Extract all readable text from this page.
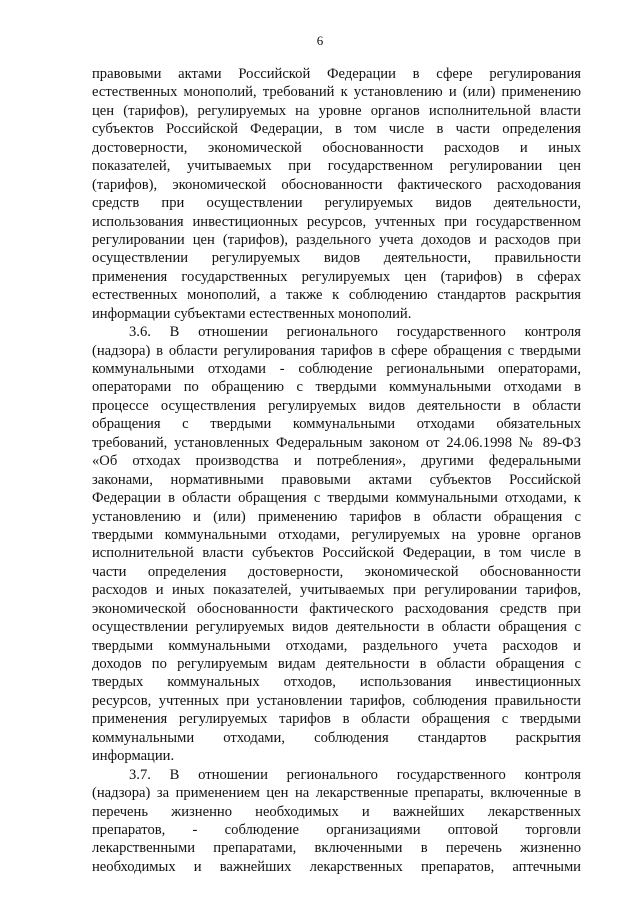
6
правовыми актами Российской Федерации в сфере регулирования
естественных монополий, требований к установлению и (или) применению
цен (тарифов), регулируемых на уровне органов исполнительной власти
субъектов Российской Федерации, в том числе в части определения
достоверности, экономической обоснованности расходов и иных
показателей, учитываемых при государственном регулировании цен
(тарифов), экономической обоснованности фактического расходования
средств при осуществлении регулируемых видов деятельности,
использования инвестиционных ресурсов, учтенных при государственном
регулировании цен (тарифов), раздельного учета доходов и расходов при
осуществлении регулируемых видов деятельности, правильности
применения государственных регулируемых цен (тарифов) в сферах
естественных монополий, а также к соблюдению стандартов раскрытия
информации субъектами естественных монополий.
3.6. В отношении регионального государственного контроля
(надзора) в области регулирования тарифов в сфере обращения с твердыми
коммунальными отходами - соблюдение региональными операторами,
операторами по обращению с твердыми коммунальными отходами в
процессе осуществления регулируемых видов деятельности в области
обращения с твердыми коммунальными отходами обязательных
требований, установленных Федеральным законом от 24.06.1998 № 89-ФЗ
«Об отходах производства и потребления», другими федеральными
законами, нормативными правовыми актами субъектов Российской
Федерации в области обращения с твердыми коммунальными отходами, к
установлению и (или) применению тарифов в области обращения с
твердыми коммунальными отходами, регулируемых на уровне органов
исполнительной власти субъектов Российской Федерации, в том числе в
части определения достоверности, экономической обоснованности
расходов и иных показателей, учитываемых при регулировании тарифов,
экономической обоснованности фактического расходования средств при
осуществлении регулируемых видов деятельности в области обращения с
твердыми коммунальными отходами, раздельного учета расходов и
доходов по регулируемым видам деятельности в области обращения с
твердых коммунальных отходов, использования инвестиционных
ресурсов, учтенных при установлении тарифов, соблюдения правильности
применения регулируемых тарифов в области обращения с твердыми
коммунальными отходами, соблюдения стандартов раскрытия
информации.
3.7. В отношении регионального государственного контроля
(надзора) за применением цен на лекарственные препараты, включенные в
перечень жизненно необходимых и важнейших лекарственных
препаратов, - соблюдение организациями оптовой торговли
лекарственными препаратами, включенными в перечень жизненно
необходимых и важнейших лекарственных препаратов, аптечными
